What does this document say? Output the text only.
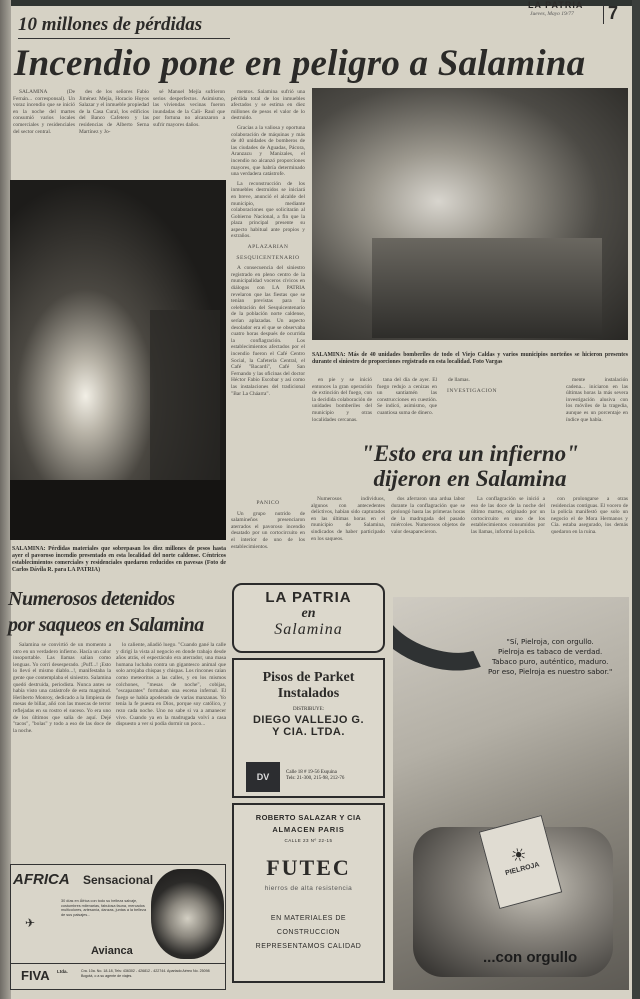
LA PATRIA
Jueves, Mayo 19/77 7
10 millones de pérdidas
Incendio pone en peligro a Salamina

SALAMINA (De Fernán... corresponsal). Un voraz incendio que se inició en la noche del martes consumió varios locales comerciales y residenciales del sector central.

des de los señores Fabio Jiménez Mejía, Horacio Hoyos Salazar y el inmueble propiedad de la Casa Cural, los edificios del Banco Cafetero y las residencias de Alberto Serna Martínez y Jo-

sé Manuel Mejía sufrieron serios desperfectos. Asimismo, las viviendas vecinas fueron inundadas de la Cali- Raul que por fortuna no alcanzaron a sufrir mayores daños.

mentos. Salamina sufrió una pérdida total de los inmuebles afectados y se estima en diez millones de pesos el valor de lo destruido.

Gracias a la valiosa y oportuna colaboración de máquinas y más de 40 unidades de bomberos de las ciudades de Aguadas, Pácora, Aranzazu y Manizales, el incendio no alcanzó proporciones mayores, que habría determinado una verdadera catástrofe.

La reconstrucción de los inmuebles destruidos se iniciará en breve, anunció el alcalde del municipio, mediante colaboraciones que solicitarán al Gobierno Nacional, a fin que la plaza principal presente su aspecto habitual ante propios y extraños.

APLAZARIAN
SESQUICENTENARIO

A consecuencia del siniestro registrado en pleno centro de la municipalidad voceros cívicos en diálogos con LA PATRIA revelaron que las fiestas que se tenían previstas para la celebración del Sesquicentenario de la población norte caldense, serían aplazadas. Un aspecto desolador era el que se observaba cuatro horas después de ocurrida la conflagración. Los establecimientos afectados por el incendio fueron el Café Centro Social, la Cafetería Central, el Café "Bacardí", Café San Fernando y las oficinas del doctor Héctor Fabio Escobar y así como las instalaciones del tradicional "Bar La Cháarra".

SALAMINA: Más de 40 unidades bomberiles de todo el Viejo Caldas y varios municipios norteños se hicieron presentes durante el siniestro de proporciones registrado en esta localidad. Foto Vargas

en pie y se inició entonces la gran operación de extinción del fuego, con la decidida colaboración de unidades bomberiles del municipio y otras localidades cercanas.

tana del día de ayer. El fuego redujo a cenizas en un santiamén las construcciones en cuestión. Se indicó, asimismo, que cuantiosa suma de dinero.

de llamas.

INVESTIGACION

mente instalación cadena... iniciaron en las últimas horas la más severa investigación alusiva con los móviles de la tragedia, aunque es un porcentaje en índice que había.

"Esto era un infierno"
dijeron en Salamina
PANICO

Un grupo nutrido de salamineños presenciaron aterrados el pavoroso incendio desatado por un cortocircuito en el interior de uno de los establecimientos.

Numerosos individuos, algunos con antecedentes delictivos, habían sido capturados en las últimas horas en el municipio de Salamina, sindicados de haber participado en los saqueos.

dos aferraron una ardua labor durante la conflagración que se prolongó hasta las primeras horas de la madrugada del pasado miércoles. Numerosos objetos de valor desaparecieron.

La conflagración se inició a eso de las doce de la noche del último martes, originado por un cortocircuito en uno de los establecimientos consumidos por las llamas, informó la policía.

con prolongarse a otras residencias contiguas. El vocero de la policía manifestó que solo un negocio el de Mora Hermanos y Cía. estaba asegurado, los demás quedaron en la ruina.

SALAMINA: Pérdidas materiales que sobrepasan los diez millones de pesos hasta ayer el pavoroso incendio presentado en esta localidad del norte caldense. Céntricos establecimientos comerciales y residenciales quedaron reducidos en pavesas (Foto de Carlos Dávila R. para LA PATRIA)
Numerosos detenidos
por saqueos en Salamina

Salamina se convirtió de un momento a otro en un verdadero infierno. Hacía un calor insoportable. Las llamas salían como lenguas. Yo corrí desesperado. ¡Puff...! ¡Esto lo llevó el mismo diablo...!, manifestaba la gente que contemplaba el siniestro. Salamina quedó destruida, periodista. Nunca antes se había visto una catástrofe de esta magnitud. Heriberto Monroy, dedicado a la limpieza de mesas de billar, añó con las muecas de terror reflejadas en su rostro el suceso. Yo era uno de los últimos que salía de aquí. Dejé "tacos", "bolas" y todo a eso de las doce de la noche.

lo caliente, añadió luego. "Cuando gané la calle y dirigí la vista al negocio en donde trabajo desde años atrás, el espectáculo era aterrador, una masa humana luchaba contra un gigantesco animal que solo arrojaba chispas y chispas. Los rincones caían como meteoritos a las calles, y en los mismos colchones, "mesas de noche", cobijas, "escaparates" formaban una escena infernal. El fuego se había apoderado de varias manzanas. Yo tenía la fe puesta en Dios, porque soy católico, y rezo cada noche. Uno no sabe si va a amanecer vivo. Cuando ya en la madrugada volví a casa dispuesto a ver si podía dormir un poco...

LA PATRIA
en
Salamina
Pisos de Parket
Instalados
DISTRIBUYE:
DIEGO VALLEJO G.
Y CIA. LTDA.
DV	Calle 18 # 19-56 Esquina
Tels: 21-300, 215-98, 212-76
ROBERTO SALAZAR Y CIA
ALMACEN PARIS
CALLE 23 Nº 22-15
FUTEC
hierros de alta resistencia
EN MATERIALES DE
CONSTRUCCION
REPRESENTAMOS CALIDAD
AFRICA Sensacional
30 días en África con todo su belleza salvaje, costumbres milenarias, fabulosa fauna, mercados multicolores, artesanía, danzas, juntas a la belleza de sus paisajes...
✈
Avianca
FIVA Ltda.	Cra. 10a. No. 18-18, Tels: 436302 - 426812 - 422744. Apartado Aéreo No. 25098 Bogotá, o a su agente de viajes.
"Sí, Pielroja, con orgullo.
Pielroja es tabaco de verdad.
Tabaco puro, auténtico, maduro.
Por eso, Pielroja es nuestro sabor."
☀
PIELROJA
...con orgullo
